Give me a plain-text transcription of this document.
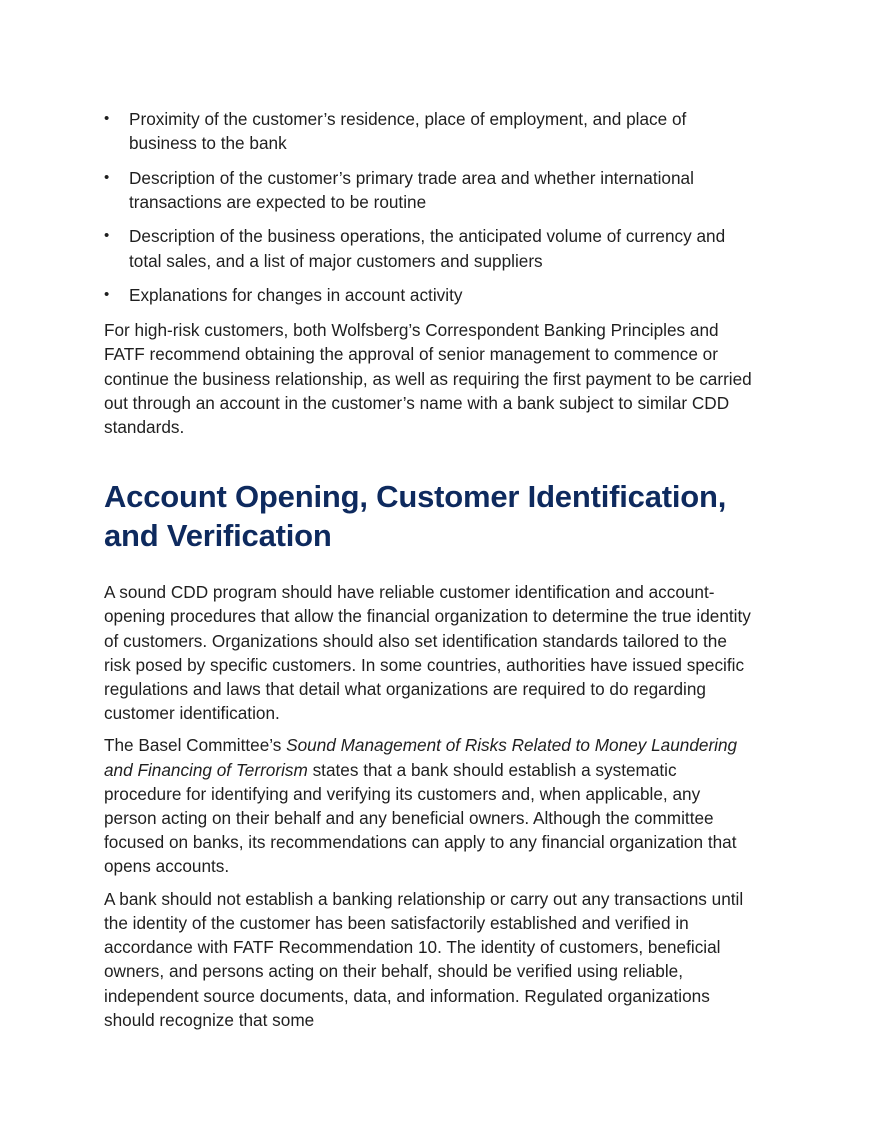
•	Proximity of the customer’s residence, place of employment, and place of business to the bank
•	Description of the customer’s primary trade area and whether international transactions are expected to be routine
•	Description of the business operations, the anticipated volume of currency and total sales, and a list of major customers and suppliers
•	Explanations for changes in account activity

For high-risk customers, both Wolfsberg’s Correspondent Banking Principles and FATF recommend obtaining the approval of senior management to commence or continue the business relationship, as well as requiring the first payment to be carried out through an account in the customer’s name with a bank subject to similar CDD standards.

Account Opening, Customer Identification, and Verification

A sound CDD program should have reliable customer identification and account-opening procedures that allow the financial organization to determine the true identity of customers. Organizations should also set identification standards tailored to the risk posed by specific customers. In some countries, authorities have issued specific regulations and laws that detail what organizations are required to do regarding customer identification.

The Basel Committee’s Sound Management of Risks Related to Money Laundering and Financing of Terrorism states that a bank should establish a systematic procedure for identifying and verifying its customers and, when applicable, any person acting on their behalf and any beneficial owners. Although the committee focused on banks, its recommendations can apply to any financial organization that opens accounts.

A bank should not establish a banking relationship or carry out any transactions until the identity of the customer has been satisfactorily established and verified in accordance with FATF Recommendation 10. The identity of customers, beneficial owners, and persons acting on their behalf, should be verified using reliable, independent source documents, data, and information. Regulated organizations should recognize that some
